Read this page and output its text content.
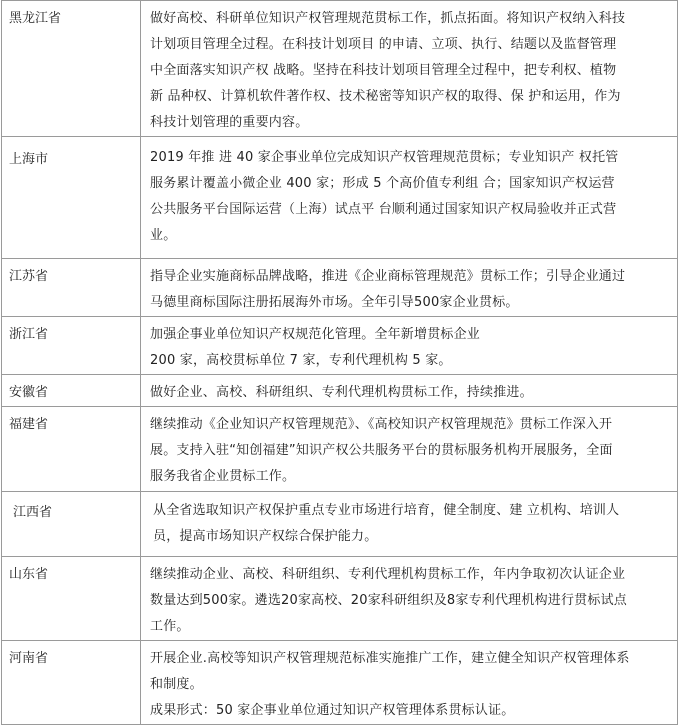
黑龙江省	做好高校、科研单位知识产权管理规范贯标工作，抓点拓面。将知识产权纳入科技
计划项目管理全过程。在科技计划项目 的申请、立项、执行、结题以及监督管理
中全面落实知识产权 战略。坚持在科技计划项目管理全过程中，把专利权、植物
新 品种权、计算机软件著作权、技术秘密等知识产权的取得、保 护和运用，作为
科技计划管理的重要内容。

上海市	2019 年推 进 40 家企事业单位完成知识产权管理规范贯标；专业知识产 权托管
服务累计覆盖小微企业 400 家；形成 5 个高价值专利组 合；国家知识产权运营
公共服务平台国际运营（上海）试点平 台顺利通过国家知识产权局验收并正式营
业。

江苏省	指导企业实施商标品牌战略，推进《企业商标管理规范》贯标工作；引导企业通过
马德里商标国际注册拓展海外市场。全年引导500家企业贯标。

浙江省	加强企事业单位知识产权规范化管理。全年新增贯标企业
200 家，高校贯标单位 7 家，专利代理机构 5 家。

安徽省	做好企业、高校、科研组织、专利代理机构贯标工作，持续推进。

福建省	继续推动《企业知识产权管理规范》、《高校知识产权管理规范》贯标工作深入开
展。支持入驻“知创福建”知识产权公共服务平台的贯标服务机构开展服务，全面
服务我省企业贯标工作。

江西省	从全省选取知识产权保护重点专业市场进行培育，健全制度、建 立机构、培训人
员，提高市场知识产权综合保护能力。

山东省	继续推动企业、高校、科研组织、专利代理机构贯标工作，年内争取初次认证企业
数量达到500家。遴选20家高校、20家科研组织及8家专利代理机构进行贯标试点
工作。

河南省	开展企业.高校等知识产权管理规范标准实施推广工作，建立健全知识产权管理体系
和制度。
成果形式：50 家企事业单位通过知识产权管理体系贯标认证。
